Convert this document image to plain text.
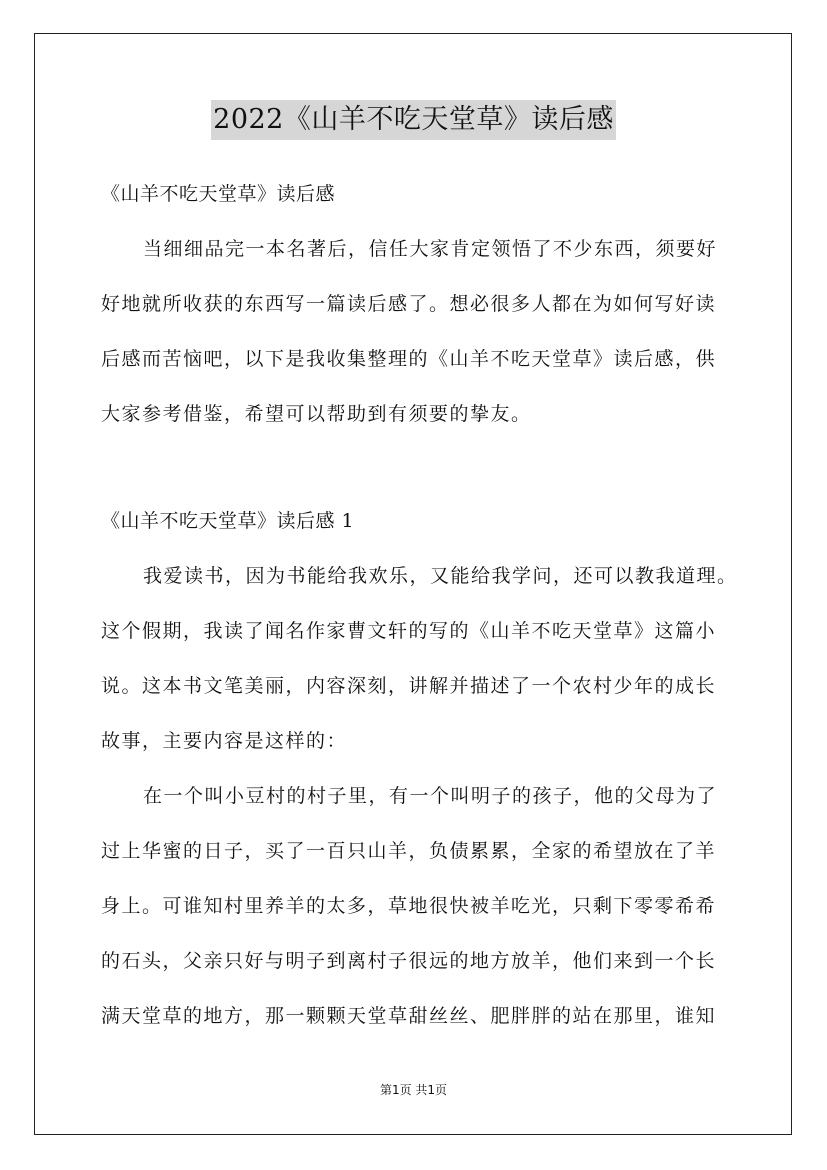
2022《山羊不吃天堂草》读后感
《山羊不吃天堂草》读后感
当细细品完一本名著后，信任大家肯定领悟了不少东西，须要好
好地就所收获的东西写一篇读后感了。想必很多人都在为如何写好读
后感而苦恼吧，以下是我收集整理的《山羊不吃天堂草》读后感，供
大家参考借鉴，希望可以帮助到有须要的挚友。
《山羊不吃天堂草》读后感 1
我爱读书，因为书能给我欢乐，又能给我学问，还可以教我道理。
这个假期，我读了闻名作家曹文轩的写的《山羊不吃天堂草》这篇小
说。这本书文笔美丽，内容深刻，讲解并描述了一个农村少年的成长
故事，主要内容是这样的：
在一个叫小豆村的村子里，有一个叫明子的孩子，他的父母为了
过上华蜜的日子，买了一百只山羊，负债累累，全家的希望放在了羊
身上。可谁知村里养羊的太多，草地很快被羊吃光，只剩下零零希希
的石头，父亲只好与明子到离村子很远的地方放羊，他们来到一个长
满天堂草的地方，那一颗颗天堂草甜丝丝、肥胖胖的站在那里，谁知
第1页 共1页
